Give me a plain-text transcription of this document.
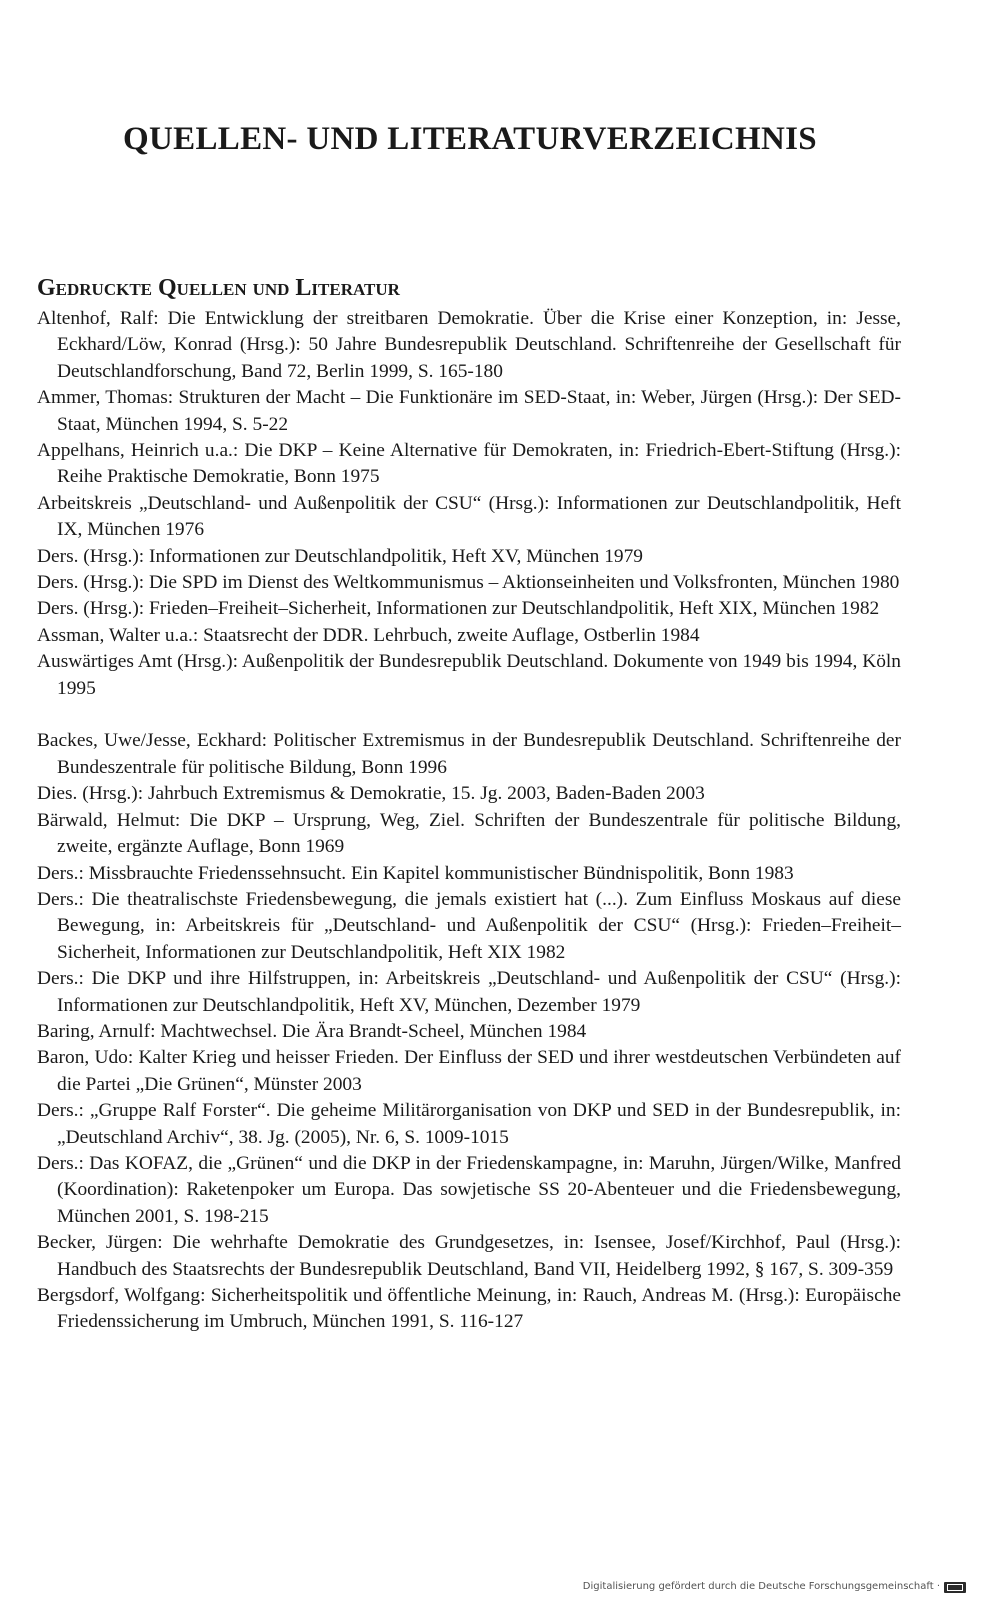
QUELLEN- UND LITERATURVERZEICHNIS
Gedruckte Quellen und Literatur

Altenhof, Ralf: Die Entwicklung der streitbaren Demokratie. Über die Krise einer Konzeption, in: Jesse, Eckhard/Löw, Konrad (Hrsg.): 50 Jahre Bundesrepublik Deutschland. Schriftenreihe der Gesellschaft für Deutschlandforschung, Band 72, Berlin 1999, S. 165-180

Ammer, Thomas: Strukturen der Macht – Die Funktionäre im SED-Staat, in: Weber, Jürgen (Hrsg.): Der SED-Staat, München 1994, S. 5-22

Appelhans, Heinrich u.a.: Die DKP – Keine Alternative für Demokraten, in: Friedrich-Ebert-Stiftung (Hrsg.): Reihe Praktische Demokratie, Bonn 1975

Arbeitskreis „Deutschland- und Außenpolitik der CSU“ (Hrsg.): Informationen zur Deutschlandpolitik, Heft IX, München 1976

Ders. (Hrsg.): Informationen zur Deutschlandpolitik, Heft XV, München 1979

Ders. (Hrsg.): Die SPD im Dienst des Weltkommunismus – Aktionseinheiten und Volksfronten, München 1980

Ders. (Hrsg.): Frieden–Freiheit–Sicherheit, Informationen zur Deutschlandpolitik, Heft XIX, München 1982

Assman, Walter u.a.: Staatsrecht der DDR. Lehrbuch, zweite Auflage, Ostberlin 1984

Auswärtiges Amt (Hrsg.): Außenpolitik der Bundesrepublik Deutschland. Dokumente von 1949 bis 1994, Köln 1995

Backes, Uwe/Jesse, Eckhard: Politischer Extremismus in der Bundesrepublik Deutschland. Schriftenreihe der Bundeszentrale für politische Bildung, Bonn 1996

Dies. (Hrsg.): Jahrbuch Extremismus & Demokratie, 15. Jg. 2003, Baden-Baden 2003

Bärwald, Helmut: Die DKP – Ursprung, Weg, Ziel. Schriften der Bundeszentrale für politische Bildung, zweite, ergänzte Auflage, Bonn 1969

Ders.: Missbrauchte Friedenssehnsucht. Ein Kapitel kommunistischer Bündnispolitik, Bonn 1983

Ders.: Die theatralischste Friedensbewegung, die jemals existiert hat (...). Zum Einfluss Moskaus auf diese Bewegung, in: Arbeitskreis für „Deutschland- und Außenpolitik der CSU“ (Hrsg.): Frieden–Freiheit–Sicherheit, Informationen zur Deutschlandpolitik, Heft XIX 1982

Ders.: Die DKP und ihre Hilfstruppen, in: Arbeitskreis „Deutschland- und Außenpolitik der CSU“ (Hrsg.): Informationen zur Deutschlandpolitik, Heft XV, München, Dezember 1979

Baring, Arnulf: Machtwechsel. Die Ära Brandt-Scheel, München 1984

Baron, Udo: Kalter Krieg und heisser Frieden. Der Einfluss der SED und ihrer westdeutschen Verbündeten auf die Partei „Die Grünen“, Münster 2003

Ders.: „Gruppe Ralf Forster“. Die geheime Militärorganisation von DKP und SED in der Bundesrepublik, in: „Deutschland Archiv“, 38. Jg. (2005), Nr. 6, S. 1009-1015

Ders.: Das KOFAZ, die „Grünen“ und die DKP in der Friedenskampagne, in: Maruhn, Jürgen/Wilke, Manfred (Koordination): Raketenpoker um Europa. Das sowjetische SS 20-Abenteuer und die Friedensbewegung, München 2001, S. 198-215

Becker, Jürgen: Die wehrhafte Demokratie des Grundgesetzes, in: Isensee, Josef/Kirchhof, Paul (Hrsg.): Handbuch des Staatsrechts der Bundesrepublik Deutschland, Band VII, Heidelberg 1992, § 167, S. 309-359

Bergsdorf, Wolfgang: Sicherheitspolitik und öffentliche Meinung, in: Rauch, Andreas M. (Hrsg.): Europäische Friedenssicherung im Umbruch, München 1991, S. 116-127

Digitalisierung gefördert durch die Deutsche Forschungsgemeinschaft ·
